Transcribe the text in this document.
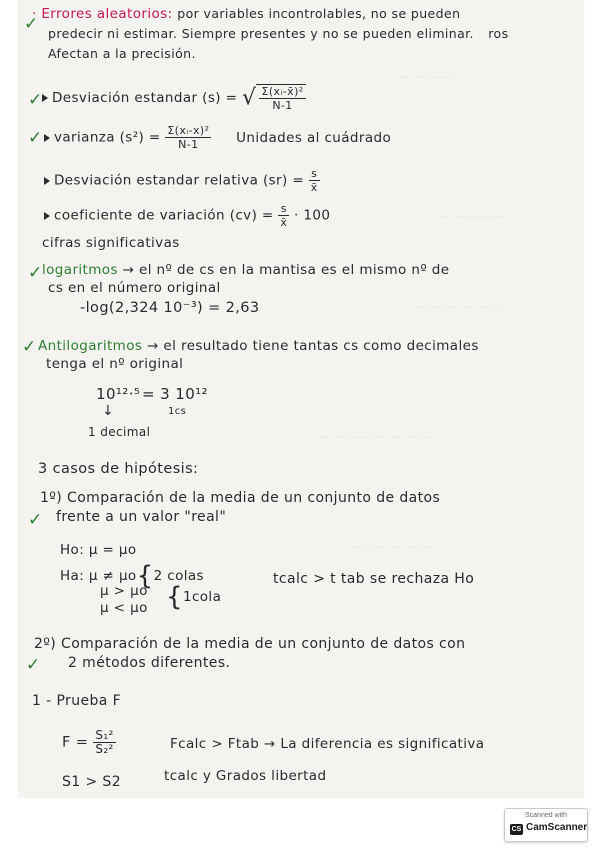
— — — —
— — — — —
— — — — — —
— — — — — — — —
— — — — — —
✓
· Errores aleatorios: por variables incontrolables, no se pueden
predecir ni estimar. Siempre presentes y no se pueden eliminar. ros
Afectan a la precisión.
✓ Desviación estandar (s) = √ $\frac{\text{Σ(xᵢ-x̄)²}}{N-1}$
✓ varianza $(s^2) = \frac{\text{Σ(xᵢ-x)²}}{N-1}$ Unidades al cuádrado
Desviación estandar relativa $(sr) = \frac{s}{x̄}$
coeficiente de variación $(cv) = \frac{s}{x̄} \cdot 100$
cifras significativas
✓ logaritmos → el nº de cs en la mantisa es el mismo nº de
cs en el número original
-log(2,324 10⁻³) = 2,63
✓ Antilogaritmos → el resultado tiene tantas cs como decimales
tenga el nº original
10¹²·⁵ = 3 10¹²
↓	1cs
1 decimal
3 casos de hipótesis:
1º) Comparación de la media de un conjunto de datos
✓ frente a un valor "real"
Ho: μ = μo
Ha: μ ≠ μo{2 colas
μ > μo
μ < μo {1cola
tcalc > t tab se rechaza Ho
2º) Comparación de la media de un conjunto de datos con
✓ 2 métodos diferentes.
1 - Prueba F
$F = \frac{\text{S₁²}}{\text{S₂²}}$	Fcalc > Ftab → La diferencia es significativa
S1 > S2	tcalc y Grados libertad
Scanned with
CS CamScanner
